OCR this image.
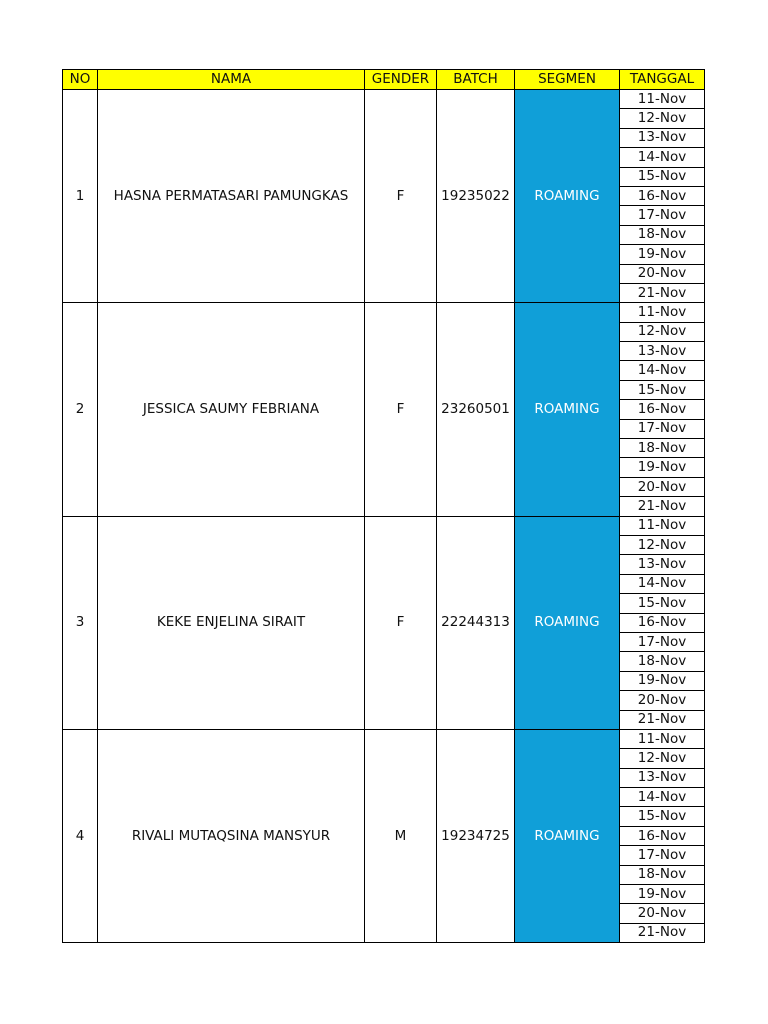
NO	NAMA	GENDER	BATCH	SEGMEN	TANGGAL
1	HASNA PERMATASARI PAMUNGKAS	F	19235022	ROAMING	11-Nov
					12-Nov
					13-Nov
					14-Nov
					15-Nov
					16-Nov
					17-Nov
					18-Nov
					19-Nov
					20-Nov
					21-Nov
2	JESSICA SAUMY FEBRIANA	F	23260501	ROAMING	11-Nov
					12-Nov
					13-Nov
					14-Nov
					15-Nov
					16-Nov
					17-Nov
					18-Nov
					19-Nov
					20-Nov
					21-Nov
3	KEKE ENJELINA SIRAIT	F	22244313	ROAMING	11-Nov
					12-Nov
					13-Nov
					14-Nov
					15-Nov
					16-Nov
					17-Nov
					18-Nov
					19-Nov
					20-Nov
					21-Nov
4	RIVALI MUTAQSINA MANSYUR	M	19234725	ROAMING	11-Nov
					12-Nov
					13-Nov
					14-Nov
					15-Nov
					16-Nov
					17-Nov
					18-Nov
					19-Nov
					20-Nov
					21-Nov
